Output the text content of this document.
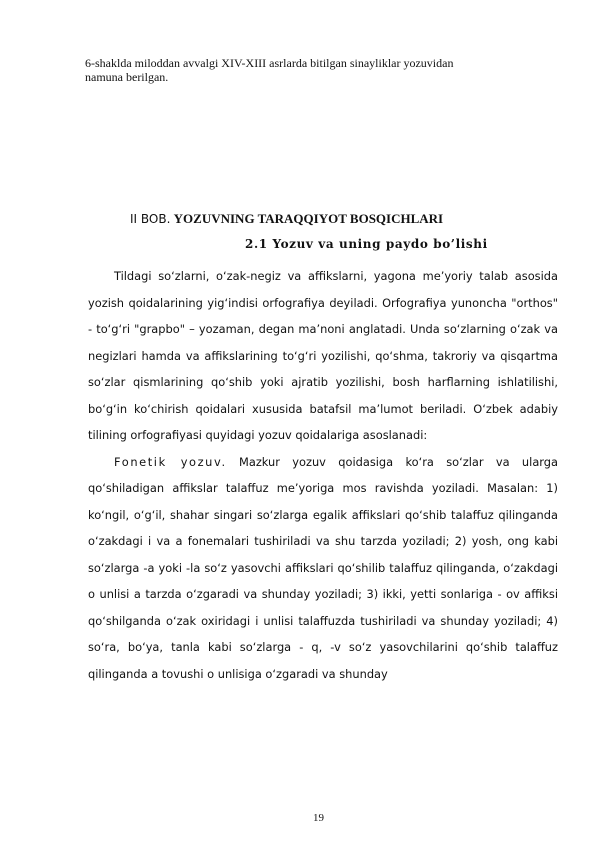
6-shaklda miloddan avvalgi XIV-XIII asrlarda bitilgan sinayliklar yozuvidan
namuna berilgan.
II BOB. YOZUVNING TARAQQIYOT BOSQICHLARI
2.1 Yozuv va uning paydo bo’lishi

Tildagi so‘zlarni, o‘zak-negiz va affikslarni, yagona me’yoriy talab asosida yozish qoidalarining yig‘indisi orfografiya deyiladi. Orfografiya yunoncha "orthos" - to‘g‘ri "grapbo" – yozaman, degan ma’noni anglatadi. Unda so‘zlarning o‘zak va negizlari hamda va affikslarining to‘g‘ri yozilishi, qo‘shma, takroriy va qisqartma so‘zlar qismlarining qo‘shib yoki ajratib yozilishi, bosh harflarning ishlatilishi, bo‘g‘in ko‘chirish qoidalari xususida batafsil ma’lumot beriladi. O‘zbek adabiy tilining orfografiyasi quyidagi yozuv qoidalariga asoslanadi:

Fonetik yozuv. Mazkur yozuv qoidasiga ko‘ra so‘zlar va ularga qo‘shiladigan affikslar talaffuz me’yoriga mos ravishda yoziladi. Masalan: 1) ko‘ngil, o‘g‘il, shahar singari so‘zlarga egalik affikslari qo‘shib talaffuz qilinganda o‘zakdagi i va a fonemalari tushiriladi va shu tarzda yoziladi; 2) yosh, ong kabi so‘zlarga -a yoki -la so‘z yasovchi affikslari qo‘shilib talaffuz qilinganda, o‘zakdagi o unlisi a tarzda o‘zgaradi va shunday yoziladi; 3) ikki, yetti sonlariga - ov affiksi qo‘shilganda o‘zak oxiridagi i unlisi talaffuzda tushiriladi va shunday yoziladi; 4) so‘ra, bo‘ya, tanla kabi so‘zlarga - q, -v so‘z yasovchilarini qo‘shib talaffuz qilinganda a tovushi o unlisiga o‘zgaradi va shunday

19
